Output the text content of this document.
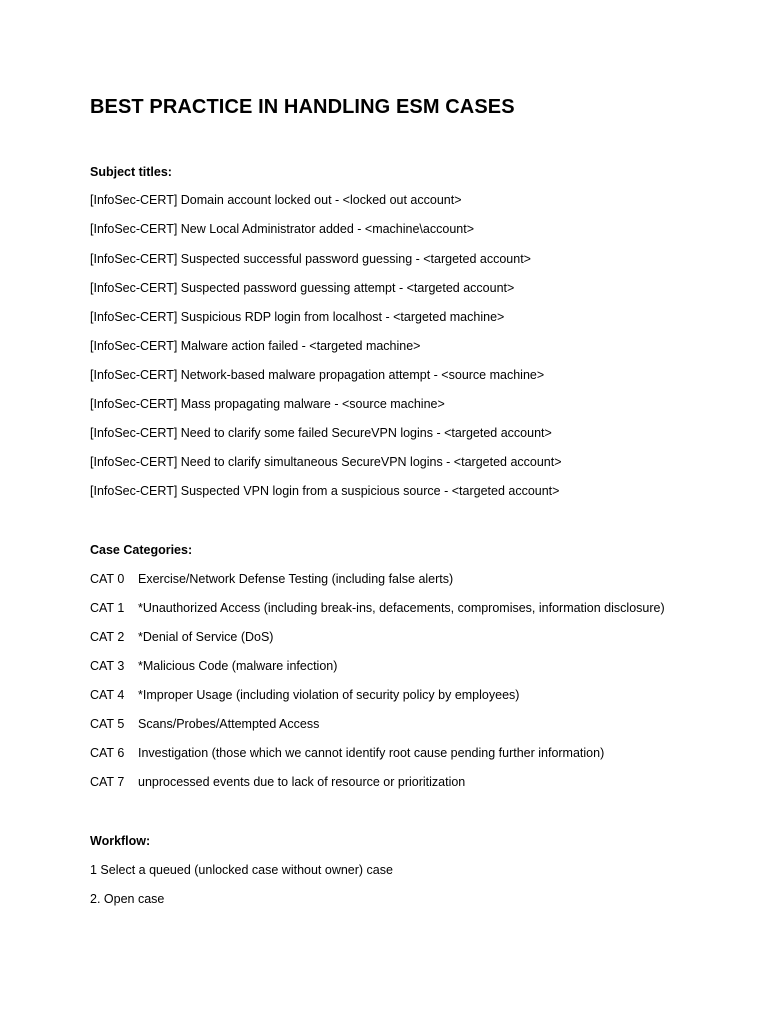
BEST PRACTICE IN HANDLING ESM CASES
Subject titles:
[InfoSec-CERT] Domain account locked out - <locked out account>
[InfoSec-CERT] New Local Administrator added - <machine\account>
[InfoSec-CERT] Suspected successful password guessing - <targeted account>
[InfoSec-CERT] Suspected password guessing attempt - <targeted account>
[InfoSec-CERT] Suspicious RDP login from localhost - <targeted machine>
[InfoSec-CERT] Malware action failed - <targeted machine>
[InfoSec-CERT] Network-based malware propagation attempt - <source machine>
[InfoSec-CERT] Mass propagating malware - <source machine>
[InfoSec-CERT] Need to clarify some failed SecureVPN logins - <targeted account>
[InfoSec-CERT] Need to clarify simultaneous SecureVPN logins - <targeted account>
[InfoSec-CERT] Suspected VPN login from a suspicious source - <targeted account>
Case Categories:
CAT 0 Exercise/Network Defense Testing (including false alerts)
CAT 1 *Unauthorized Access (including break-ins, defacements, compromises, information disclosure)
CAT 2 *Denial of Service (DoS)
CAT 3 *Malicious Code (malware infection)
CAT 4 *Improper Usage (including violation of security policy by employees)
CAT 5 Scans/Probes/Attempted Access
CAT 6 Investigation (those which we cannot identify root cause pending further information)
CAT 7 unprocessed events due to lack of resource or prioritization
Workflow:
1 Select a queued (unlocked case without owner) case
2. Open case
